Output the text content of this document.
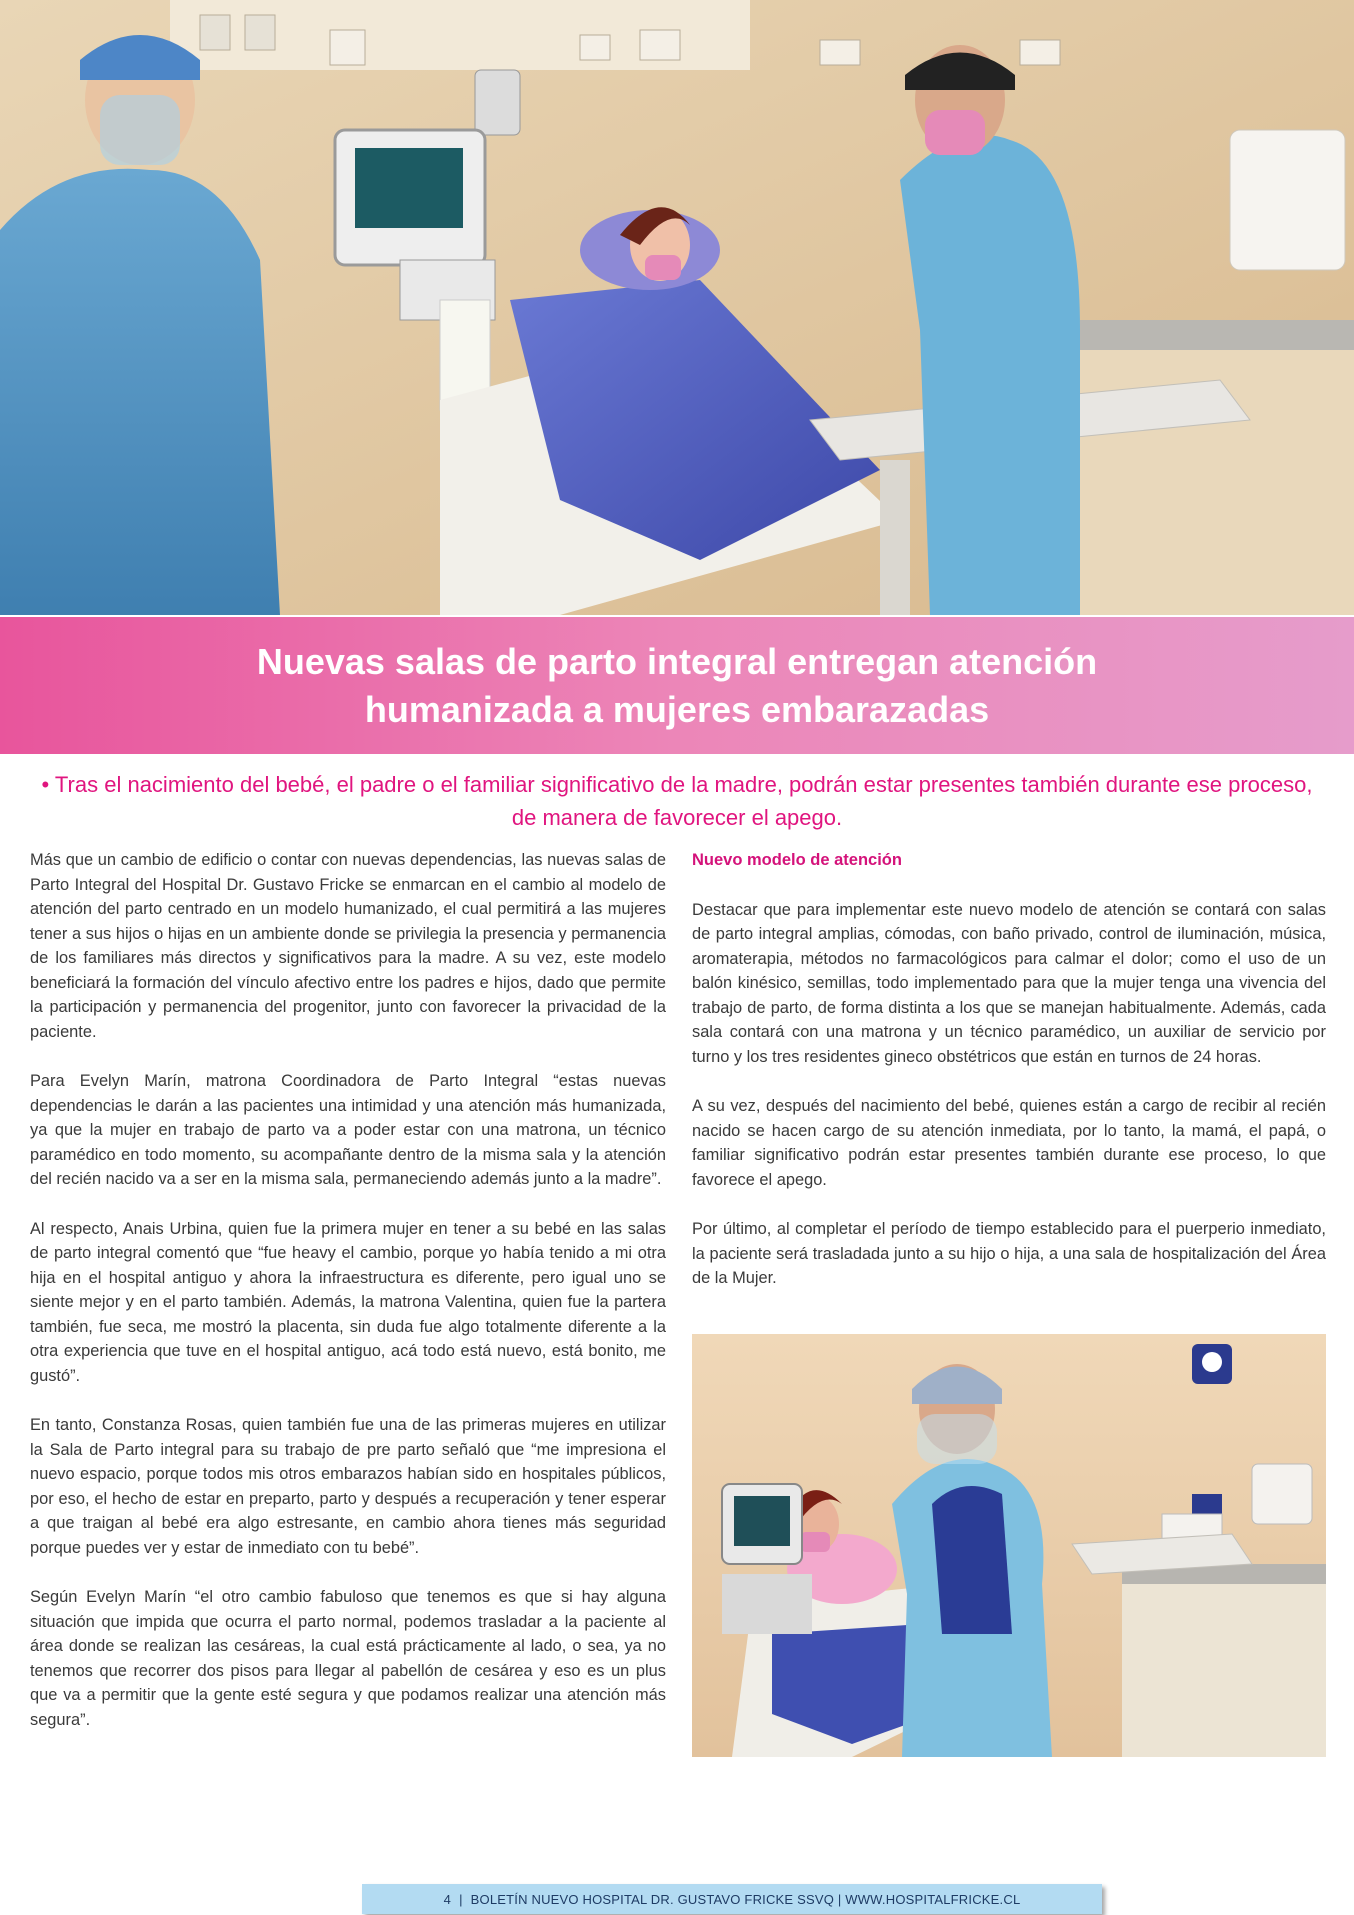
Nuevas salas de parto integral entregan atención
humanizada a mujeres embarazadas
• Tras el nacimiento del bebé, el padre o el familiar significativo de la madre, podrán estar presentes también durante ese proceso, de manera de favorecer el apego.

Más que un cambio de edificio o contar con nuevas dependencias, las nuevas salas de Parto Integral del Hospital Dr. Gustavo Fricke se enmarcan en el cambio al modelo de atención del parto centrado en un modelo humanizado, el cual permitirá a las mujeres tener a sus hijos o hijas en un ambiente donde se privilegia la presencia y permanencia de los familiares más directos y significativos para la madre. A su vez, este modelo beneficiará la formación del vínculo afectivo entre los padres e hijos, dado que permite la participación y permanencia del progenitor, junto con favorecer la privacidad de la paciente.

Para Evelyn Marín, matrona Coordinadora de Parto Integral “estas nuevas dependencias le darán a las pacientes una intimidad y una atención más humanizada, ya que la mujer en trabajo de parto va a poder estar con una matrona, un técnico paramédico en todo momento, su acompañante dentro de la misma sala y la atención del recién nacido va a ser en la misma sala, permaneciendo además junto a la madre”.

Al respecto, Anais Urbina, quien fue la primera mujer en tener a su bebé en las salas de parto integral comentó que “fue heavy el cambio, porque yo había tenido a mi otra hija en el hospital antiguo y ahora la infraestructura es diferente, pero igual uno se siente mejor y en el parto también. Además, la matrona Valentina, quien fue la partera también, fue seca, me mostró la placenta, sin duda fue algo totalmente diferente a la otra experiencia que tuve en el hospital antiguo, acá todo está nuevo, está bonito, me gustó”.

En tanto, Constanza Rosas, quien también fue una de las primeras mujeres en utilizar la Sala de Parto integral para su trabajo de pre parto señaló que “me impresiona el nuevo espacio, porque todos mis otros embarazos habían sido en hospitales públicos, por eso, el hecho de estar en preparto, parto y después a recuperación y tener esperar a que traigan al bebé era algo estresante, en cambio ahora tienes más seguridad porque puedes ver y estar de inmediato con tu bebé”.

Según Evelyn Marín “el otro cambio fabuloso que tenemos es que si hay alguna situación que impida que ocurra el parto normal, podemos trasladar a la paciente al área donde se realizan las cesáreas, la cual está prácticamente al lado, o sea, ya no tenemos que recorrer dos pisos para llegar al pabellón de cesárea y eso es un plus que va a permitir que la gente esté segura y que podamos realizar una atención más segura”.

Nuevo modelo de atención

Destacar que para implementar este nuevo modelo de atención se contará con salas de parto integral amplias, cómodas, con baño privado, control de iluminación, música, aromaterapia, métodos no farmacológicos para calmar el dolor; como el uso de un balón kinésico, semillas, todo implementado para que la mujer tenga una vivencia del trabajo de parto, de forma distinta a los que se manejan habitualmente. Además, cada sala contará con una matrona y un técnico paramédico, un auxiliar de servicio por turno y los tres residentes gineco obstétricos que están en turnos de 24 horas.

A su vez, después del nacimiento del bebé, quienes están a cargo de recibir al recién nacido se hacen cargo de su atención inmediata, por lo tanto, la mamá, el papá, o familiar significativo podrán estar presentes también durante ese proceso, lo que favorece el apego.

Por último, al completar el período de tiempo establecido para el puerperio inmediato, la paciente será trasladada junto a su hijo o hija, a una sala de hospitalización del Área de la Mujer.

4 | BOLETÍN NUEVO HOSPITAL DR. GUSTAVO FRICKE SSVQ | WWW.HOSPITALFRICKE.CL
